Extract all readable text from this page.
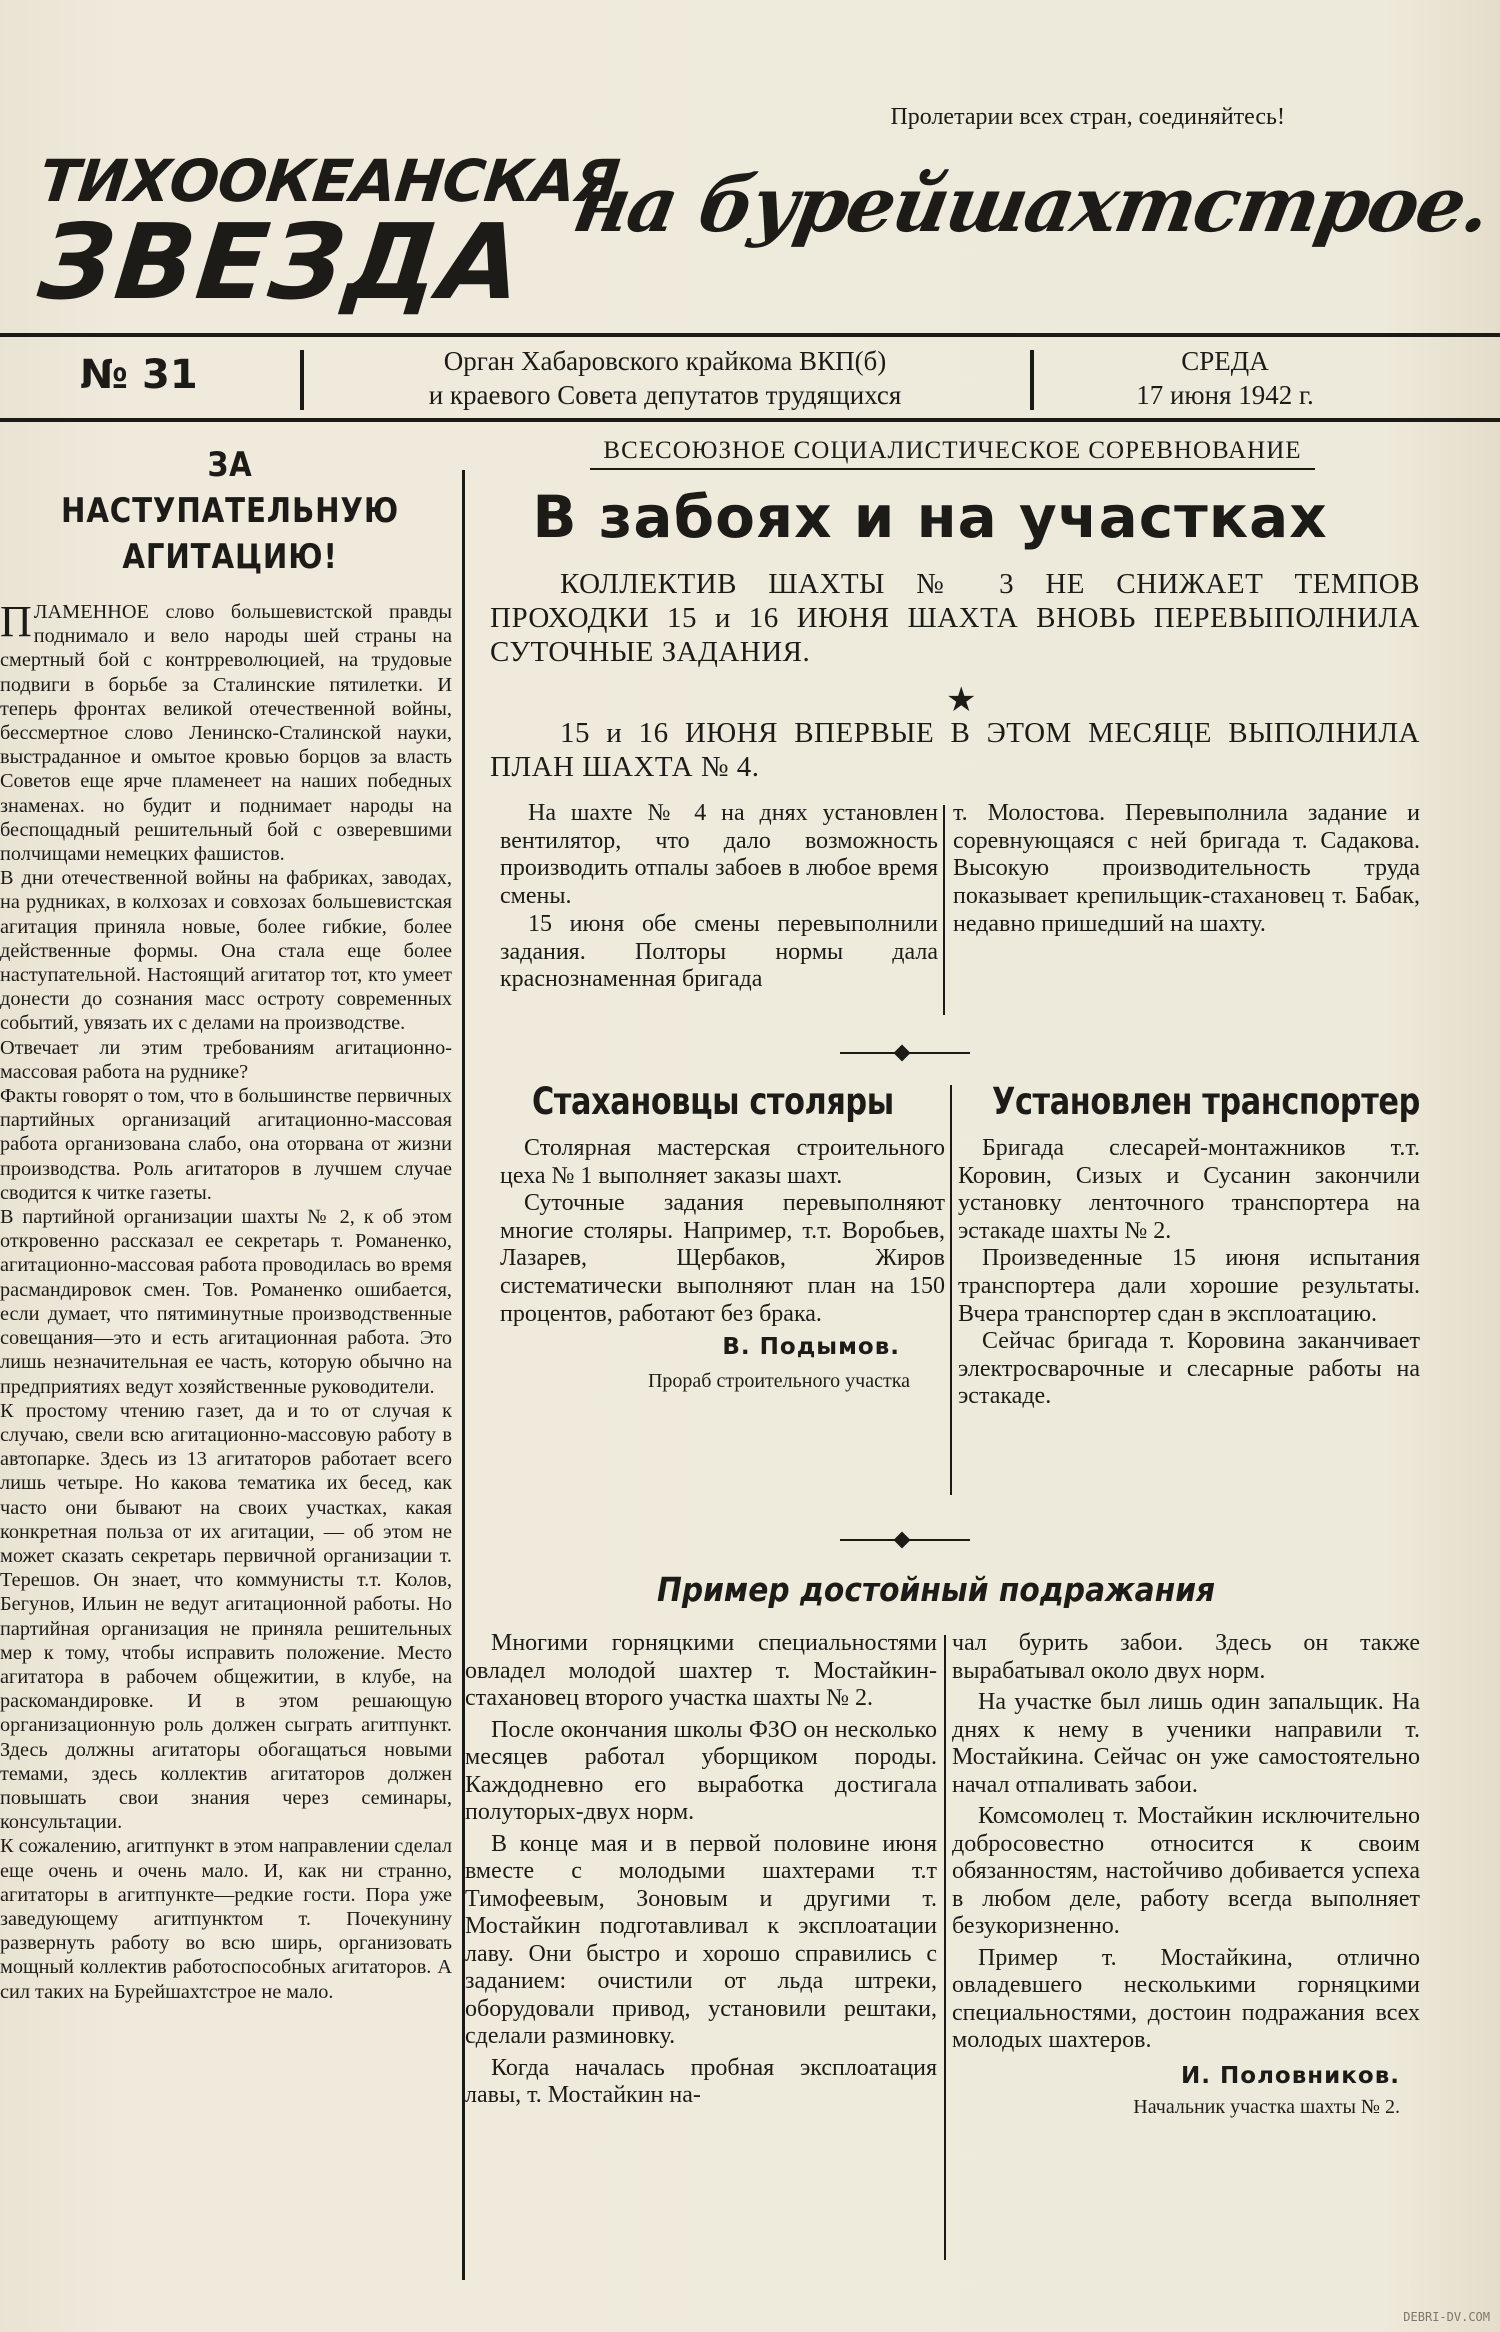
Пролетарии всех стран, соединяйтесь!
ТИХООКЕАНСКАЯ
ЗВЕЗДА на бурейшахтстрое.
№ 31	Орган Хабаровского крайкома ВКП(б)
и краевого Совета депутатов трудящихся
СРЕДА
17 июня 1942 г.
ЗА НАСТУПАТЕЛЬНУЮ
АГИТАЦИЮ!

ПЛАМЕННОЕ слово большевистской правды поднимало и вело народы шей страны на смертный бой с контрреволюцией, на трудовые подвиги в борьбе за Сталинские пятилетки. И теперь фронтах великой отечественной войны, бессмертное слово Ленинско-Сталинской науки, выстраданное и омытое кровью борцов за власть Советов еще ярче пламенеет на наших победных знаменах. но будит и поднимает народы на беспощадный решительный бой с озверевшими полчищами немецких фашистов.

В дни отечественной войны на фабриках, заводах, на рудниках, в колхозах и совхозах большевистская агитация приняла новые, более гибкие, более действенные формы. Она стала еще более наступательной. Настоящий агитатор тот, кто умеет донести до сознания масс остроту современных событий, увязать их с делами на производстве.

Отвечает ли этим требованиям агитационно-массовая работа на руднике?

Факты говорят о том, что в большинстве первичных партийных организаций агитационно-массовая работа организована слабо, она оторвана от жизни производства. Роль агитаторов в лучшем случае сводится к читке газеты.

В партийной организации шахты № 2, к об этом откровенно рассказал ее секретарь т. Романенко, агитационно-массовая работа проводилась во время расмандировок смен. Тов. Романенко ошибается, если думает, что пятиминутные производственные совещания—это и есть агитационная работа. Это лишь незначительная ее часть, которую обычно на предприятиях ведут хозяйственные руководители.

К простому чтению газет, да и то от случая к случаю, свели всю агитационно-массовую работу в автопарке. Здесь из 13 агитаторов работает всего лишь четыре. Но какова тематика их бесед, как часто они бывают на своих участках, какая конкретная польза от их агитации, — об этом не может сказать секретарь первичной организации т. Терешов. Он знает, что коммунисты т.т. Колов, Бегунов, Ильин не ведут агитационной работы. Но партийная организация не приняла решительных мер к тому, чтобы исправить положение. Место агитатора в рабочем общежитии, в клубе, на раскомандировке. И в этом решающую организационную роль должен сыграть агитпункт. Здесь должны агитаторы обогащаться новыми темами, здесь коллектив агитаторов должен повышать свои знания через семинары, консультации.

К сожалению, агитпункт в этом направлении сделал еще очень и очень мало. И, как ни странно, агитаторы в агитпункте—редкие гости. Пора уже заведующему агитпунктом т. Почекунину развернуть работу во всю ширь, организовать мощный коллектив работоспособных агитаторов. А сил таких на Бурейшахтстрое не мало.

ВСЕСОЮЗНОЕ СОЦИАЛИСТИЧЕСКОЕ СОРЕВНОВАНИЕ
В забоях и на участках
КОЛЛЕКТИВ ШАХТЫ № 3 НЕ СНИЖАЕТ ТЕМПОВ ПРОХОДКИ 15 и 16 ИЮНЯ ШАХТА ВНОВЬ ПЕРЕВЫПОЛНИЛА СУТОЧНЫЕ ЗАДАНИЯ.
★
15 и 16 ИЮНЯ ВПЕРВЫЕ В ЭТОМ МЕСЯЦЕ ВЫПОЛНИЛА ПЛАН ШАХТА № 4.

На шахте № 4 на днях установлен вентилятор, что дало возможность производить отпалы забоев в любое время смены.

15 июня обе смены перевыполнили задания. Полторы нормы дала краснознаменная бригада

т. Молостова. Перевыполнила задание и соревнующаяся с ней бригада т. Садакова. Высокую производительность труда показывает крепильщик-стахановец т. Бабак, недавно пришедший на шахту.

Стахановцы столяры

Столярная мастерская строительного цеха № 1 выполняет заказы шахт.

Суточные задания перевыполняют многие столяры. Например, т.т. Воробьев, Лазарев, Щербаков, Жиров систематически выполняют план на 150 процентов, работают без брака.

В. Подымов.
Прораб строительного участка
Установлен транспортер

Бригада слесарей-монтажников т.т. Коровин, Сизых и Сусанин закончили установку ленточного транспортера на эстакаде шахты № 2.

Произведенные 15 июня испытания транспортера дали хорошие результаты. Вчера транспортер сдан в эксплоатацию.

Сейчас бригада т. Коровина заканчивает электросварочные и слесарные работы на эстакаде.

Пример достойный подражания

Многими горняцкими специальностями овладел молодой шахтер т. Мостайкин-стахановец второго участка шахты № 2.

После окончания школы ФЗО он несколько месяцев работал уборщиком породы. Каждодневно его выработка достигала полуторых-двух норм.

В конце мая и в первой половине июня вместе с молодыми шахтерами т.т Тимофеевым, Зоновым и другими т. Мостайкин подготавливал к эксплоатации лаву. Они быстро и хорошо справились с заданием: очистили от льда штреки, оборудовали привод, установили рештаки, сделали разминовку.

Когда началась пробная эксплоатация лавы, т. Мостайкин на-

чал бурить забои. Здесь он также вырабатывал около двух норм.

На участке был лишь один запальщик. На днях к нему в ученики направили т. Мостайкина. Сейчас он уже самостоятельно начал отпаливать забои.

Комсомолец т. Мостайкин исключительно добросовестно относится к своим обязанностям, настойчиво добивается успеха в любом деле, работу всегда выполняет безукоризненно.

Пример т. Мостайкина, отлично овладевшего несколькими горняцкими специальностями, достоин подражания всех молодых шахтеров.

И. Половников.
Начальник участка шахты № 2.
DEBRI-DV.COM
